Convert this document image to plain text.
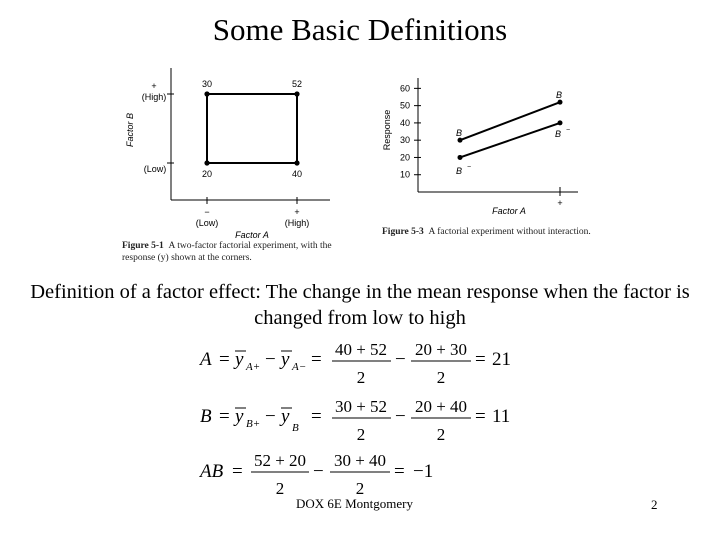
Some Basic Definitions
30	52
20	40
+
(High)
(Low)
Factor B
−
(Low)
+
(High)
Factor A
Figure 5-1 A two-factor factorial experiment, with the response (y) shown at the corners.
+
Factor A
Response
60
50
40
30
20
10
B
B
B
B −
−
Figure 5-3 A factorial experiment without interaction.
Definition of a factor effect: The change in the mean response when the factor is changed from low to high
A = y A+ − y A− = 40 + 52
2
− 20 + 30
2
= 21
B = y B+ − y
B
= 30 + 52
2
− 20 + 40
2
= 11
AB =
52 + 20
2
−
30 + 40
2
= −1
DOX 6E Montgomery	2
